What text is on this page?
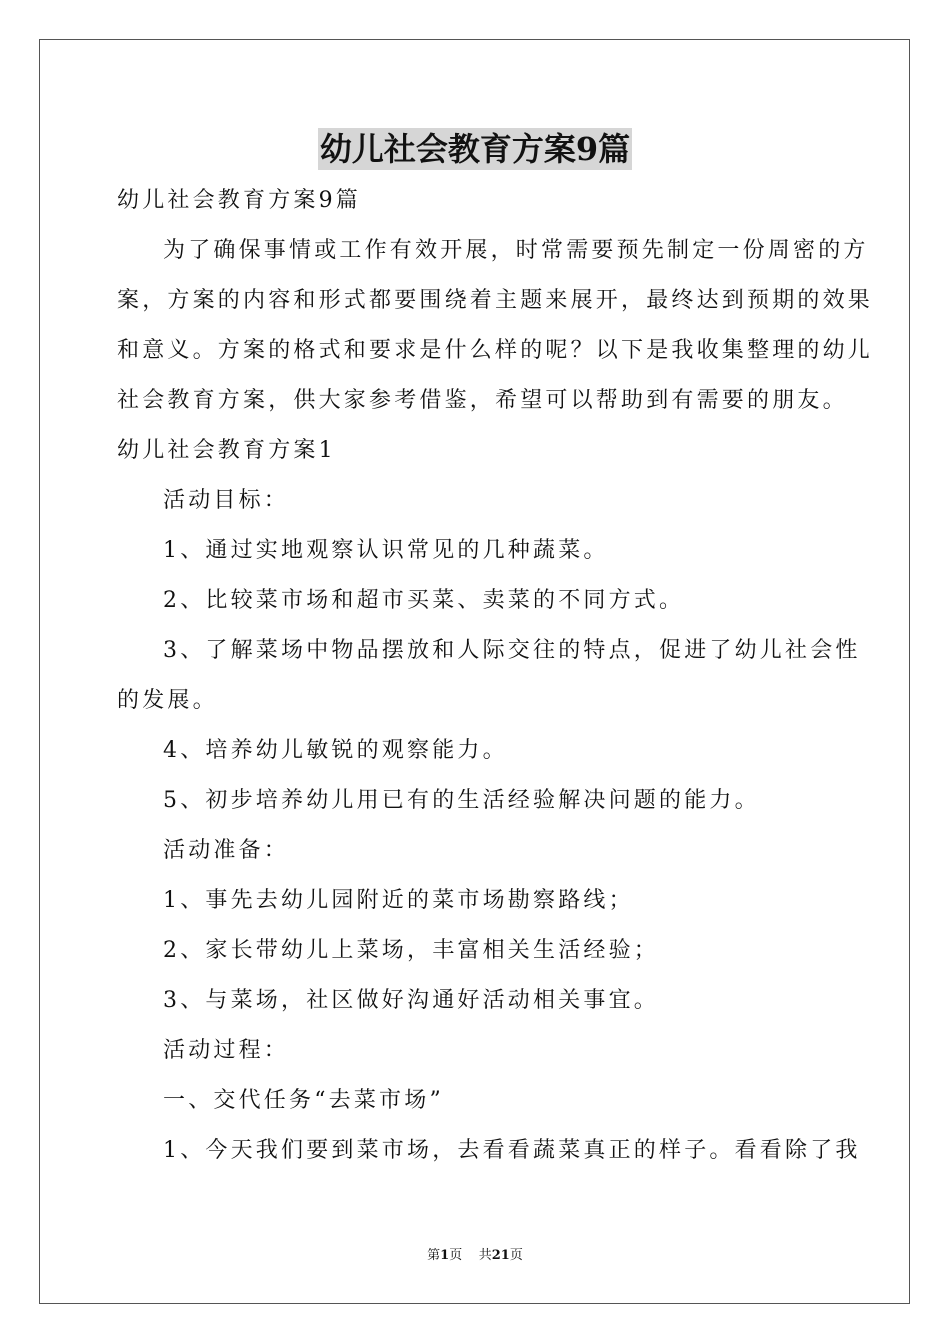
幼儿社会教育方案9篇
幼儿社会教育方案9篇
为了确保事情或工作有效开展，时常需要预先制定一份周密的方
案，方案的内容和形式都要围绕着主题来展开，最终达到预期的效果
和意义。方案的格式和要求是什么样的呢？以下是我收集整理的幼儿
社会教育方案，供大家参考借鉴，希望可以帮助到有需要的朋友。
幼儿社会教育方案1
活动目标：
1、通过实地观察认识常见的几种蔬菜。
2、比较菜市场和超市买菜、卖菜的不同方式。
3、了解菜场中物品摆放和人际交往的特点，促进了幼儿社会性
的发展。
4、培养幼儿敏锐的观察能力。
5、初步培养幼儿用已有的生活经验解决问题的能力。
活动准备：
1、事先去幼儿园附近的菜市场勘察路线；
2、家长带幼儿上菜场，丰富相关生活经验；
3、与菜场，社区做好沟通好活动相关事宜。
活动过程：
一、交代任务“去菜市场”
1、今天我们要到菜市场，去看看蔬菜真正的样子。看看除了我
第1页 共21页
